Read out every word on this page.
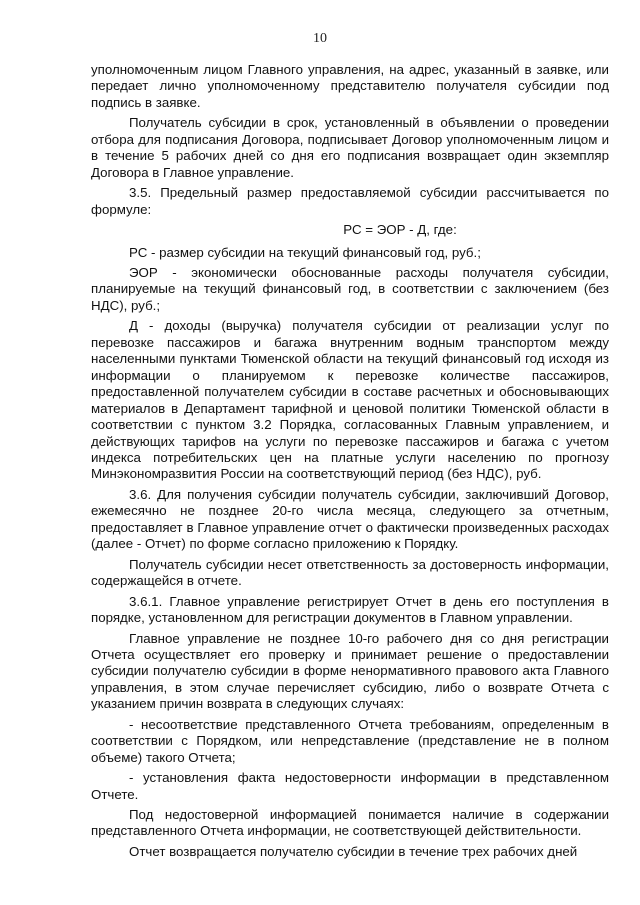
10

уполномоченным лицом Главного управления, на адрес, указанный в заявке, или передает лично уполномоченному представителю получателя субсидии под подпись в заявке.

Получатель субсидии в срок, установленный в объявлении о проведении отбора для подписания Договора, подписывает Договор уполномоченным лицом и в течение 5 рабочих дней со дня его подписания возвращает один экземпляр Договора в Главное управление.

3.5. Предельный размер предоставляемой субсидии рассчитывается по формуле:

РС = ЭОР - Д, где:

РС - размер субсидии на текущий финансовый год, руб.;

ЭОР - экономически обоснованные расходы получателя субсидии, планируемые на текущий финансовый год, в соответствии с заключением (без НДС), руб.;

Д - доходы (выручка) получателя субсидии от реализации услуг по перевозке пассажиров и багажа внутренним водным транспортом между населенными пунктами Тюменской области на текущий финансовый год исходя из информации о планируемом к перевозке количестве пассажиров, предоставленной получателем субсидии в составе расчетных и обосновывающих материалов в Департамент тарифной и ценовой политики Тюменской области в соответствии с пунктом 3.2 Порядка, согласованных Главным управлением, и действующих тарифов на услуги по перевозке пассажиров и багажа с учетом индекса потребительских цен на платные услуги населению по прогнозу Минэкономразвития России на соответствующий период (без НДС), руб.

3.6. Для получения субсидии получатель субсидии, заключивший Договор, ежемесячно не позднее 20-го числа месяца, следующего за отчетным, предоставляет в Главное управление отчет о фактически произведенных расходах (далее - Отчет) по форме согласно приложению к Порядку.

Получатель субсидии несет ответственность за достоверность информации, содержащейся в отчете.

3.6.1. Главное управление регистрирует Отчет в день его поступления в порядке, установленном для регистрации документов в Главном управлении.

Главное управление не позднее 10-го рабочего дня со дня регистрации Отчета осуществляет его проверку и принимает решение о предоставлении субсидии получателю субсидии в форме ненормативного правового акта Главного управления, в этом случае перечисляет субсидию, либо о возврате Отчета с указанием причин возврата в следующих случаях:

- несоответствие представленного Отчета требованиям, определенным в соответствии с Порядком, или непредставление (представление не в полном объеме) такого Отчета;

- установления факта недостоверности информации в представленном Отчете.

Под недостоверной информацией понимается наличие в содержании представленного Отчета информации, не соответствующей действительности.

Отчет возвращается получателю субсидии в течение трех рабочих дней
